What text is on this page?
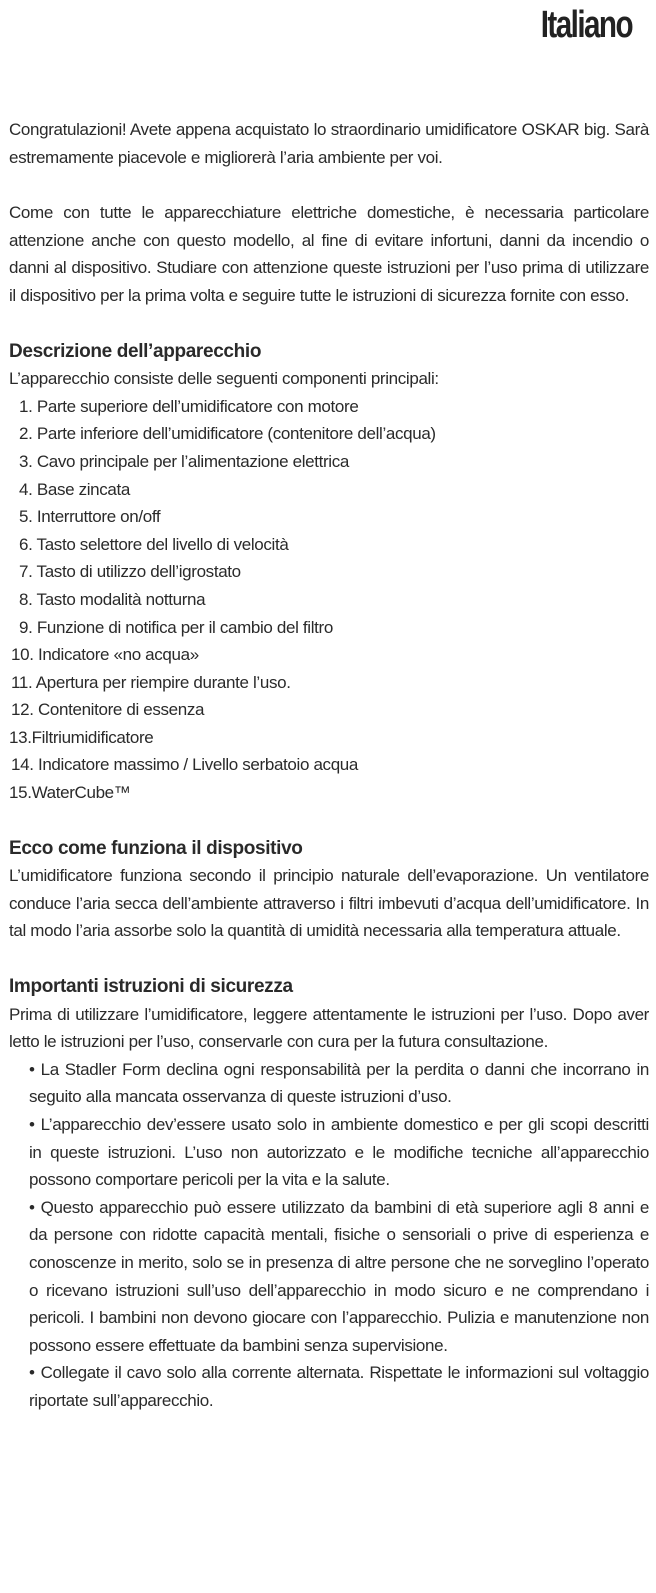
Italiano

Congratulazioni! Avete appena acquistato lo straordinario umidificatore OSKAR big. Sarà estremamente piacevole e migliorerà l’aria ambiente per voi.

Come con tutte le apparecchiature elettriche domestiche, è necessaria particolare attenzione anche con questo modello, al fine di evitare infortuni, danni da incendio o danni al dispositivo. Studiare con attenzione queste istruzioni per l’uso prima di utilizzare il dispositivo per la prima volta e seguire tutte le istruzioni di sicurezza fornite con esso.

Descrizione dell’apparecchio

L’apparecchio consiste delle seguenti componenti principali:

1. Parte superiore dell’umidificatore con motore
2. Parte inferiore dell’umidificatore (contenitore dell’acqua)
3. Cavo principale per l’alimentazione elettrica
4. Base zincata
5. Interruttore on/off
6. Tasto selettore del livello di velocità
7. Tasto di utilizzo dell’igrostato
8. Tasto modalità notturna
9. Funzione di notifica per il cambio del filtro
10. Indicatore «no acqua»
11. Apertura per riempire durante l’uso.
12. Contenitore di essenza
13.Filtriumidificatore
14. Indicatore massimo / Livello serbatoio acqua
15.WaterCube™
Ecco come funziona il dispositivo

L’umidificatore funziona secondo il principio naturale dell’evaporazione. Un ventilatore conduce l’aria secca dell’ambiente attraverso i filtri imbevuti d’acqua dell’umidificatore. In tal modo l’aria assorbe solo la quantità di umidità necessaria alla temperatura attuale.

Importanti istruzioni di sicurezza

Prima di utilizzare l’umidificatore, leggere attentamente le istruzioni per l’uso. Dopo aver letto le istruzioni per l’uso, conservarle con cura per la futura consultazione.

• La Stadler Form declina ogni responsabilità per la perdita o danni che incorrano in seguito alla mancata osservanza di queste istruzioni d’uso.
• L’apparecchio dev’essere usato solo in ambiente domestico e per gli scopi descritti in queste istruzioni. L’uso non autorizzato e le modifiche tecniche all’apparecchio possono comportare pericoli per la vita e la salute.
• Questo apparecchio può essere utilizzato da bambini di età superiore agli 8 anni e da persone con ridotte capacità mentali, fisiche o sensoriali o prive di esperienza e conoscenze in merito, solo se in presenza di altre persone che ne sorveglino l’operato o ricevano istruzioni sull’uso dell’apparecchio in modo sicuro e ne comprendano i pericoli. I bambini non devono giocare con l’apparecchio. Pulizia e manutenzione non possono essere effettuate da bambini senza supervisione.
• Collegate il cavo solo alla corrente alternata. Rispettate le informazioni sul voltaggio riportate sull’apparecchio.
